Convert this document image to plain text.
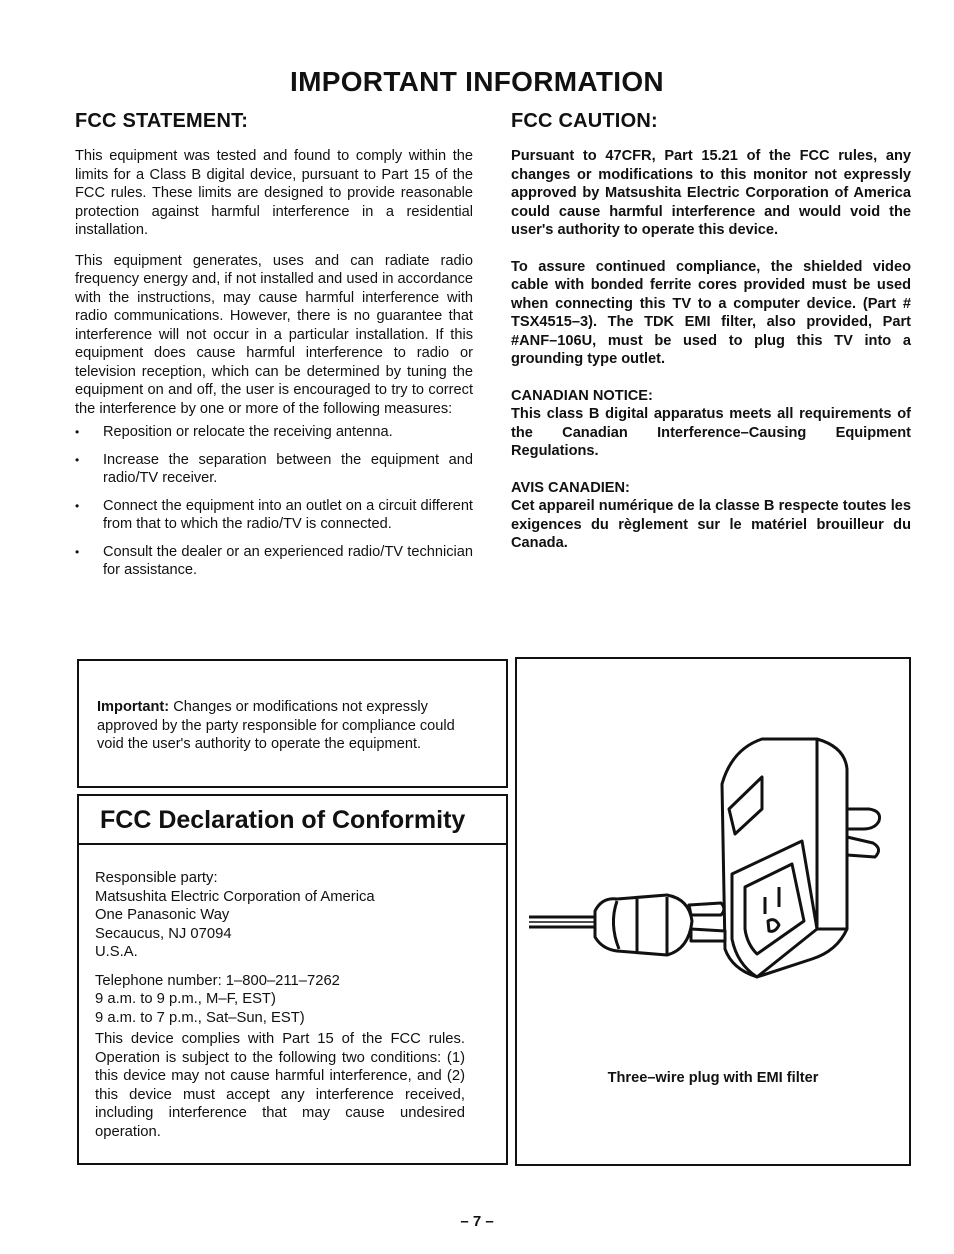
IMPORTANT INFORMATION
FCC STATEMENT:

This equipment was tested and found to comply within the limits for a Class B digital device, pursuant to Part 15 of the FCC rules. These limits are designed to provide reasonable protection against harmful interference in a residential installation.

This equipment generates, uses and can radiate radio frequency energy and, if not installed and used in accordance with the instructions, may cause harmful interference with radio communications. However, there is no guarantee that interference will not occur in a particular installation. If this equipment does cause harmful interference to radio or television reception, which can be determined by tuning the equipment on and off, the user is encouraged to try to correct the interference by one or more of the following measures:

• Reposition or relocate the receiving antenna.
• Increase the separation between the equipment and radio/TV receiver.
• Connect the equipment into an outlet on a circuit different from that to which the radio/TV is connected.
• Consult the dealer or an experienced radio/TV technician for assistance.
FCC CAUTION:

Pursuant to 47CFR, Part 15.21 of the FCC rules, any changes or modifications to this monitor not expressly approved by Matsushita Electric Corporation of America could cause harmful interference and would void the user's authority to operate this device.

To assure continued compliance, the shielded video cable with bonded ferrite cores provided must be used when connecting this TV to a computer device. (Part # TSX4515–3). The TDK EMI filter, also provided, Part #ANF–106U, must be used to plug this TV into a grounding type outlet.

CANADIAN NOTICE:

This class B digital apparatus meets all requirements of the Canadian Interference–Causing Equipment Regulations.

AVIS CANADIEN:

Cet appareil numérique de la classe B respecte toutes les exigences du règlement sur le matériel brouilleur du Canada.

Important: Changes or modifications not expressly approved by the party responsible for compliance could void the user's authority to operate the equipment.

FCC Declaration of Conformity

Responsible party:

Matsushita Electric Corporation of America

One Panasonic Way

Secaucus, NJ 07094

U.S.A.

Telephone number: 1–800–211–7262

9 a.m. to 9 p.m., M–F, EST)

9 a.m. to 7 p.m., Sat–Sun, EST)

This device complies with Part 15 of the FCC rules. Operation is subject to the following two conditions: (1) this device may not cause harmful interference, and (2) this device must accept any interference received, including interference that may cause undesired operation.

Three–wire plug with EMI filter
– 7 –
